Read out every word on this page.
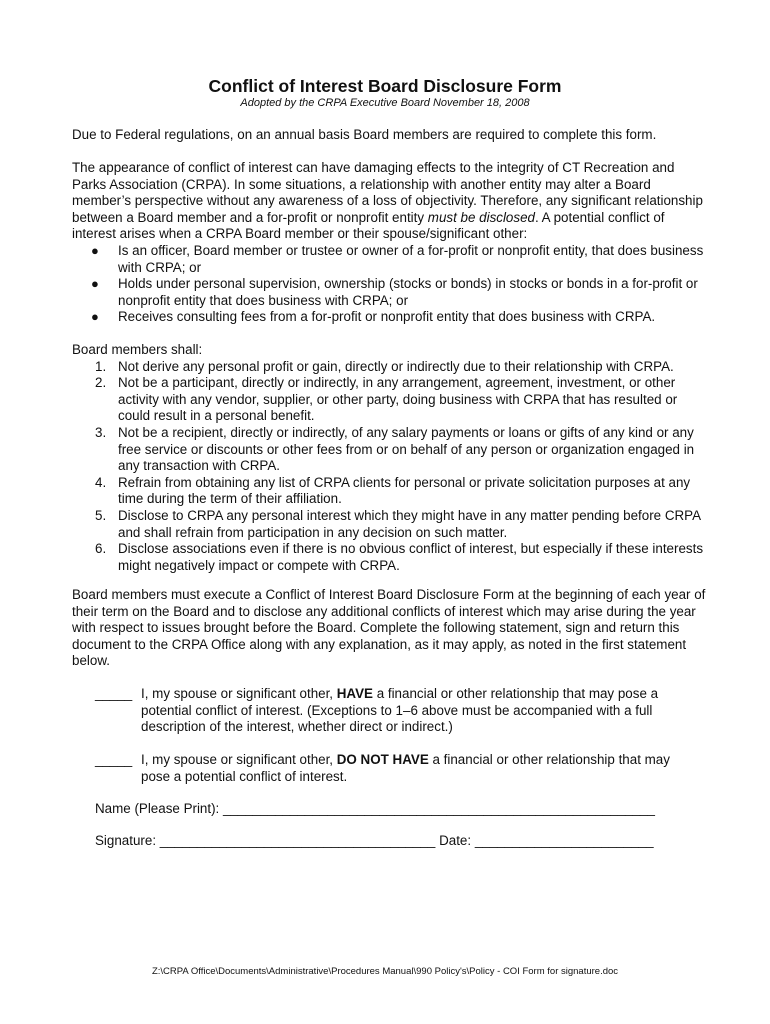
Conflict of Interest Board Disclosure Form
Adopted by the CRPA Executive Board November 18, 2008

Due to Federal regulations, on an annual basis Board members are required to complete this form.

The appearance of conflict of interest can have damaging effects to the integrity of CT Recreation and Parks Association (CRPA). In some situations, a relationship with another entity may alter a Board member’s perspective without any awareness of a loss of objectivity. Therefore, any significant relationship between a Board member and a for-profit or nonprofit entity must be disclosed. A potential conflict of interest arises when a CRPA Board member or their spouse/significant other:

● Is an officer, Board member or trustee or owner of a for-profit or nonprofit entity, that does business with CRPA; or
● Holds under personal supervision, ownership (stocks or bonds) in stocks or bonds in a for-profit or nonprofit entity that does business with CRPA; or
● Receives consulting fees from a for-profit or nonprofit entity that does business with CRPA.

Board members shall:

1. Not derive any personal profit or gain, directly or indirectly due to their relationship with CRPA.
2. Not be a participant, directly or indirectly, in any arrangement, agreement, investment, or other activity with any vendor, supplier, or other party, doing business with CRPA that has resulted or could result in a personal benefit.
3. Not be a recipient, directly or indirectly, of any salary payments or loans or gifts of any kind or any free service or discounts or other fees from or on behalf of any person or organization engaged in any transaction with CRPA.
4. Refrain from obtaining any list of CRPA clients for personal or private solicitation purposes at any time during the term of their affiliation.
5. Disclose to CRPA any personal interest which they might have in any matter pending before CRPA and shall refrain from participation in any decision on such matter.
6. Disclose associations even if there is no obvious conflict of interest, but especially if these interests might negatively impact or compete with CRPA.

Board members must execute a Conflict of Interest Board Disclosure Form at the beginning of each year of their term on the Board and to disclose any additional conflicts of interest which may arise during the year with respect to issues brought before the Board. Complete the following statement, sign and return this document to the CRPA Office along with any explanation, as it may apply, as noted in the first statement below.

_____ I, my spouse or significant other, HAVE a financial or other relationship that may pose a potential conflict of interest. (Exceptions to 1–6 above must be accompanied with a full description of the interest, whether direct or indirect.)
_____ I, my spouse or significant other, DO NOT HAVE a financial or other relationship that may pose a potential conflict of interest.
Name (Please Print): __________________________________________________________
Signature: _____________________________________ Date: ________________________
Z:\CRPA Office\Documents\Administrative\Procedures Manual\990 Policy's\Policy - COI Form for signature.doc
